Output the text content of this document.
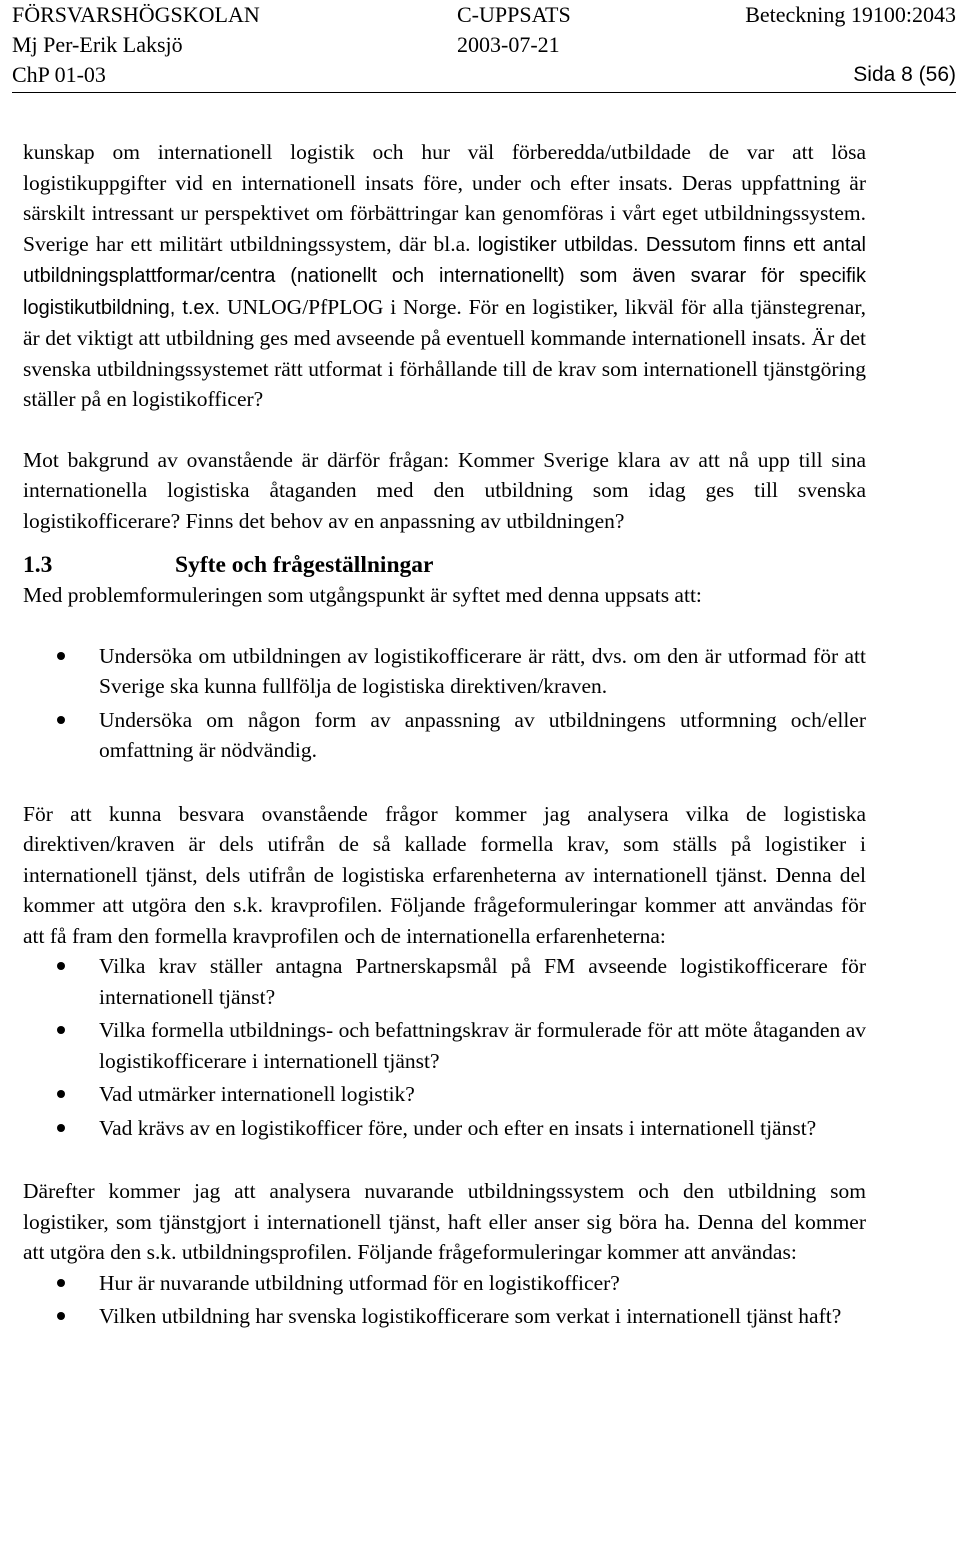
FÖRSVARSHÖGSKOLAN	C-UPPSATS	Beteckning 19100:2043
Mj Per-Erik Laksjö	2003-07-21
ChP 01-03	Sida 8 (56)

kunskap om internationell logistik och hur väl förberedda/utbildade de var att lösa logistikuppgifter vid en internationell insats före, under och efter insats. Deras uppfattning är särskilt intressant ur perspektivet om förbättringar kan genomföras i vårt eget utbildningssystem. Sverige har ett militärt utbildningssystem, där bl.a. logistiker utbildas. Dessutom finns ett antal utbildningsplattformar/centra (nationellt och internationellt) som även svarar för specifik logistikutbildning, t.ex. UNLOG/PfPLOG i Norge. För en logistiker, likväl för alla tjänstegrenar, är det viktigt att utbildning ges med avseende på eventuell kommande internationell insats. Är det svenska utbildningssystemet rätt utformat i förhållande till de krav som internationell tjänstgöring ställer på en logistikofficer?

Mot bakgrund av ovanstående är därför frågan: Kommer Sverige klara av att nå upp till sina internationella logistiska åtaganden med den utbildning som idag ges till svenska logistikofficerare? Finns det behov av en anpassning av utbildningen?

1.3	Syfte och frågeställningar

Med problemformuleringen som utgångspunkt är syftet med denna uppsats att:

Undersöka om utbildningen av logistikofficerare är rätt, dvs. om den är utformad för att Sverige ska kunna fullfölja de logistiska direktiven/kraven.
Undersöka om någon form av anpassning av utbildningens utformning och/eller omfattning är nödvändig.

För att kunna besvara ovanstående frågor kommer jag analysera vilka de logistiska direktiven/kraven är dels utifrån de så kallade formella krav, som ställs på logistiker i internationell tjänst, dels utifrån de logistiska erfarenheterna av internationell tjänst. Denna del kommer att utgöra den s.k. kravprofilen. Följande frågeformuleringar kommer att användas för att få fram den formella kravprofilen och de internationella erfarenheterna:

Vilka krav ställer antagna Partnerskapsmål på FM avseende logistikofficerare för internationell tjänst?
Vilka formella utbildnings- och befattningskrav är formulerade för att möte åtaganden av logistikofficerare i internationell tjänst?
Vad utmärker internationell logistik?
Vad krävs av en logistikofficer före, under och efter en insats i internationell tjänst?

Därefter kommer jag att analysera nuvarande utbildningssystem och den utbildning som logistiker, som tjänstgjort i internationell tjänst, haft eller anser sig böra ha. Denna del kommer att utgöra den s.k. utbildningsprofilen. Följande frågeformuleringar kommer att användas:

Hur är nuvarande utbildning utformad för en logistikofficer?
Vilken utbildning har svenska logistikofficerare som verkat i internationell tjänst haft?
